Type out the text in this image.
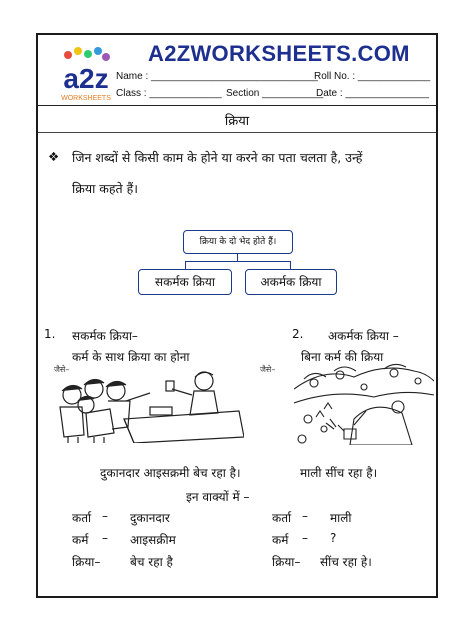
a2z
WORKSHEETS
A2ZWORKSHEETS.COM
Name : ______________________________
Roll No. : _____________
Class : _____________ Section ___________
Date : _______________
क्रिया
❖ जिन शब्दों से किसी काम के होने या करने का पता चलता है, उन्हें
क्रिया कहते हैं।
क्रिया के दो भेद होते हैं।
सकर्मक क्रिया	अकर्मक क्रिया
1. सकर्मक क्रिया–
कर्म के साथ क्रिया का होना
जैसे–
2. अकर्मक क्रिया –
बिना कर्म की क्रिया
जैसे–
दुकानदार आइसक्रमी बेच रहा है।	माली सींच रहा है।
इन वाक्यों में –
कर्ता – दुकानदार
कर्म – आइसक्रीम
क्रिया– बेच रहा है
कर्ता – माली
कर्म – ?
क्रिया– सींच रहा हे।
